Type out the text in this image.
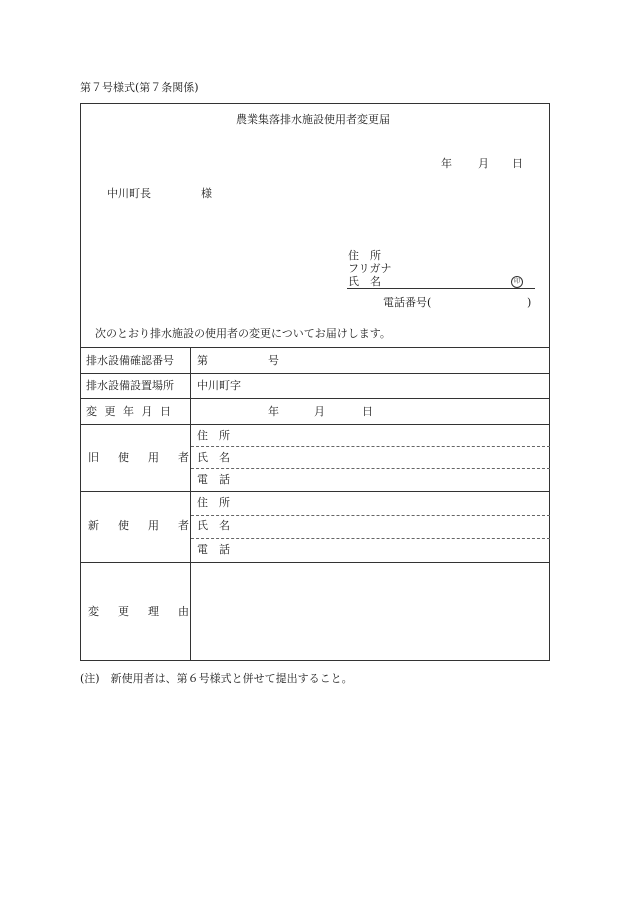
第７号様式(第７条関係)
農業集落排水施設使用者変更届
年 月 日
中川町長	様
住　所
フリガナ
氏　名	印
電話番号(	)
次のとおり排水施設の使用者の変更についてお届けします。
排水設備確認番号 第	号
排水設備設置場所 中川町字
変 更 年 月 日	年	月	日
旧　使　用　者
住　所
氏　名
電　話
新　使　用　者
住　所
氏　名
電　話
変　更　理　由
(注)　新使用者は、第６号様式と併せて提出すること。
